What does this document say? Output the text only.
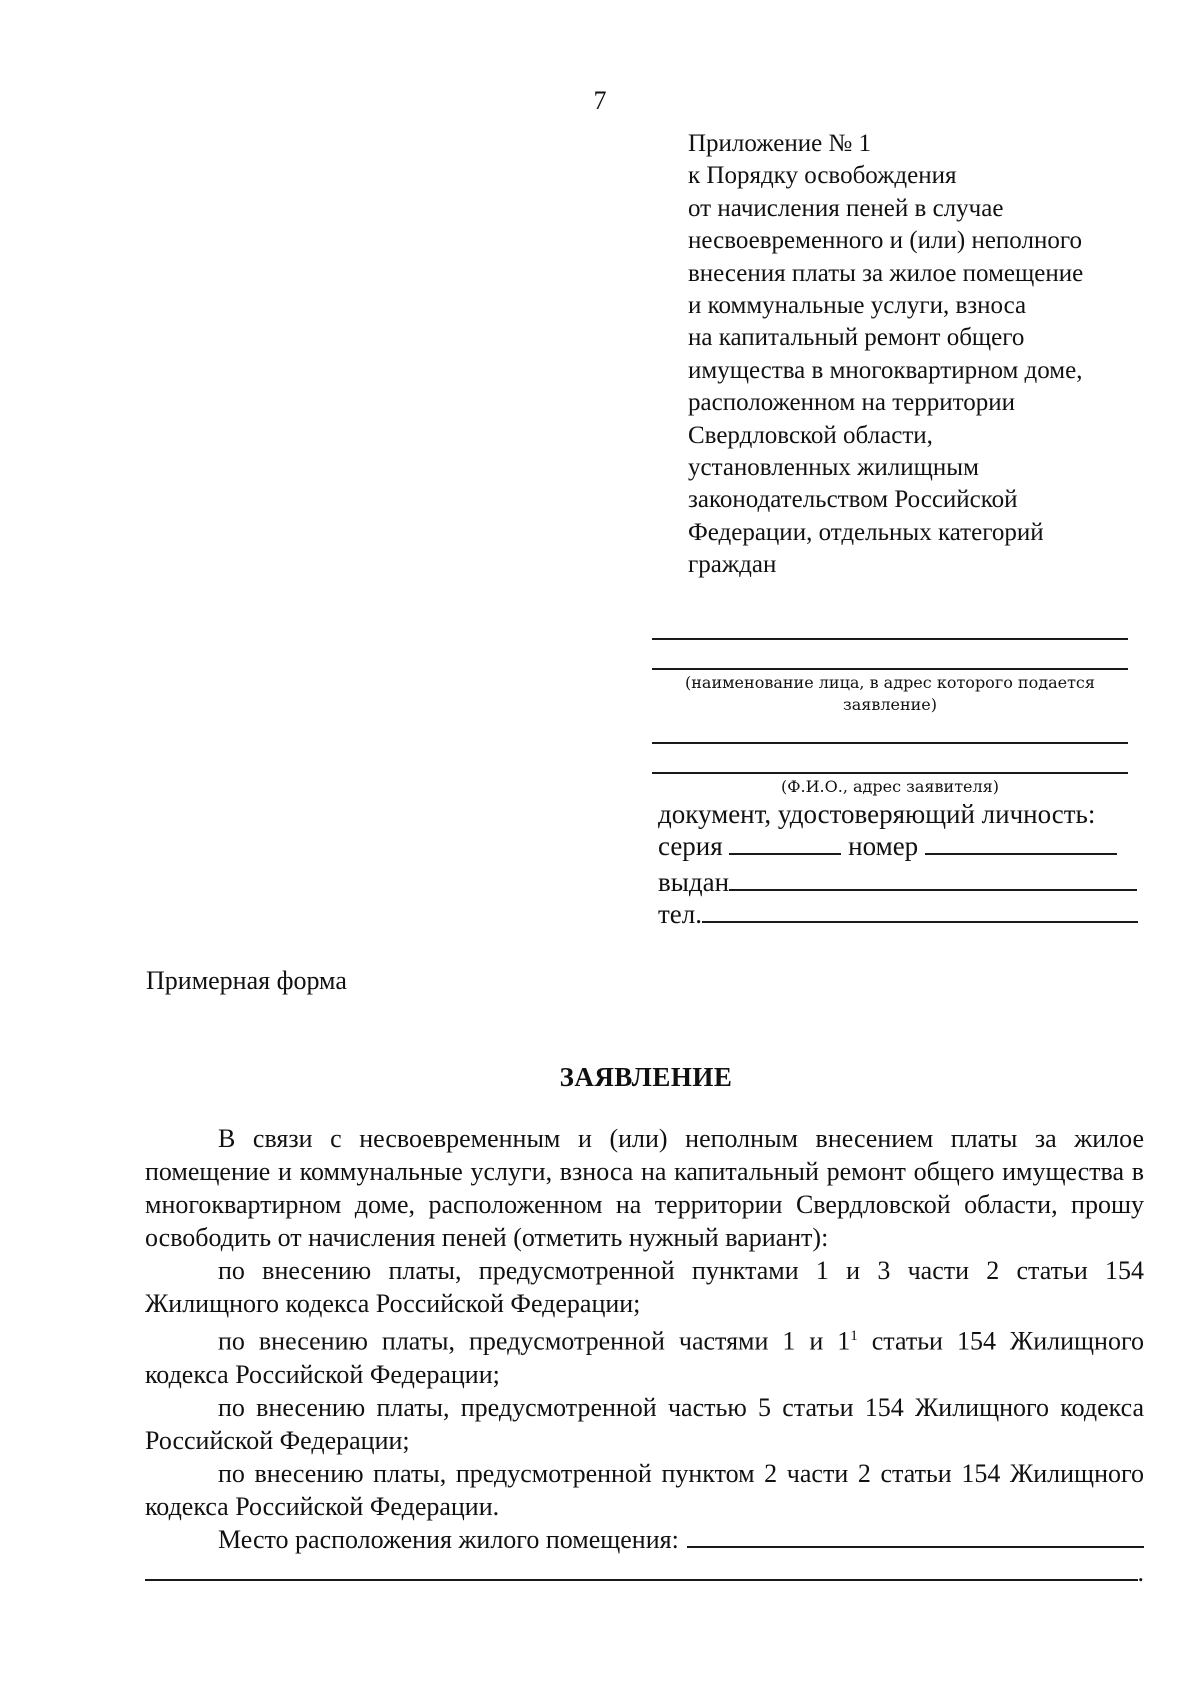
7
Приложение № 1
к Порядку освобождения
от начисления пеней в случае
несвоевременного и (или) неполного
внесения платы за жилое помещение
и коммунальные услуги, взноса
на капитальный ремонт общего
имущества в многоквартирном доме,
расположенном на территории
Свердловской области,
установленных жилищным
законодательством Российской
Федерации, отдельных категорий
граждан
(наименование лица, в адрес которого подается заявление)
(Ф.И.О., адрес заявителя)
документ, удостоверяющий личность:
серия	номер
выдан
тел.
Примерная форма
ЗАЯВЛЕНИЕ

В связи с несвоевременным и (или) неполным внесением платы за жилое помещение и коммунальные услуги, взноса на капитальный ремонт общего имущества в многоквартирном доме, расположенном на территории Свердловской области, прошу освободить от начисления пеней (отметить нужный вариант):

по внесению платы, предусмотренной пунктами 1 и 3 части 2 статьи 154 Жилищного кодекса Российской Федерации;

по внесению платы, предусмотренной частями 1 и $1^1$ статьи 154 Жилищного кодекса Российской Федерации;

по внесению платы, предусмотренной частью 5 статьи 154 Жилищного кодекса Российской Федерации;

по внесению платы, предусмотренной пунктом 2 части 2 статьи 154 Жилищного кодекса Российской Федерации.

Место расположения жилого помещения:
.
